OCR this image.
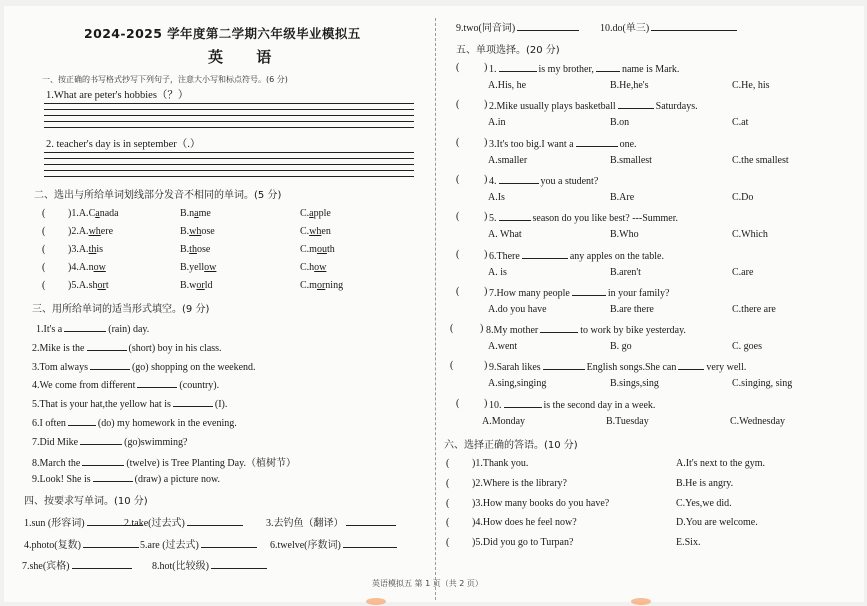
2024-2025 学年度第二学期六年级毕业模拟五
英 语
一、按正确的书写格式抄写下列句子，注意大小写和标点符号。(6 分)
1.What are peter's hobbies（？）
2. teacher's day is in september（.）
二、选出与所给单词划线部分发音不相同的单词。(5 分)
三、用所给单词的适当形式填空。(9 分)
四、按要求写单词。(10 分)
9.two(同音词)	10.do(单三)
五、单项选择。(20 分)
六、选择正确的答语。(10 分)
英语模拟五 第 1 页（共 2 页）
( )1.A.Canada	B.name	C.apple
( )2.A.where	B.whose	C.when
( )3.A.this	B.those	C.mouth
( )4.A.now	B.yellow	C.how
( )5.A.short	B.world	C.morning
1.It's a	(rain) day.
2.Mike is the	(short) boy in his class.
3.Tom always	(go) shopping on the weekend.
4.We come from different	(country).
5.That is your hat,the yellow hat is	(I).
6.I often	(do) my homework in the evening.
7.Did Mike	(go)swimming?
8.March the	(twelve) is Tree Planting Day.（植树节）
9.Look! She is	(draw) a picture now.
1.sun (形容词)	2.take(过去式)	3.去钓鱼（翻译）
4.photo(复数)	5.are (过去式)	6.twelve(序数词)
7.she(宾格)	8.hot(比较级)
( ) 1.	is my brother,	name is Mark.
A.His, he	B.He,he's	C.He, his
( ) 2.Mike usually plays basketball	Saturdays.
A.in	B.on	C.at
( ) 3.It's too big.I want a	one.
A.smaller	B.smallest	C.the smallest
( ) 4.	you a student?
A.Is	B.Are	C.Do
( ) 5.	season do you like best? ---Summer.
A. What	B.Who	C.Which
( ) 6.There	any apples on the table.
A. is	B.aren't	C.are
( ) 7.How many people	in your family?
A.do you have	B.are there	C.there are
(	) 8.My mother	to work by bike yesterday.
A.went	B. go	C. goes
(	) 9.Sarah likes	English songs.She can	very well.
A.sing,singing	B.sings,sing	C.singing, sing
( ) 10.	is the second day in a week.
A.Monday	B.Tuesday	C.Wednesday
( )1.Thank you.	A.It's next to the gym.
( )2.Where is the library?	B.He is angry.
( )3.How many books do you have?	C.Yes,we did.
( )4.How does he feel now?	D.You are welcome.
( )5.Did you go to Turpan?	E.Six.
